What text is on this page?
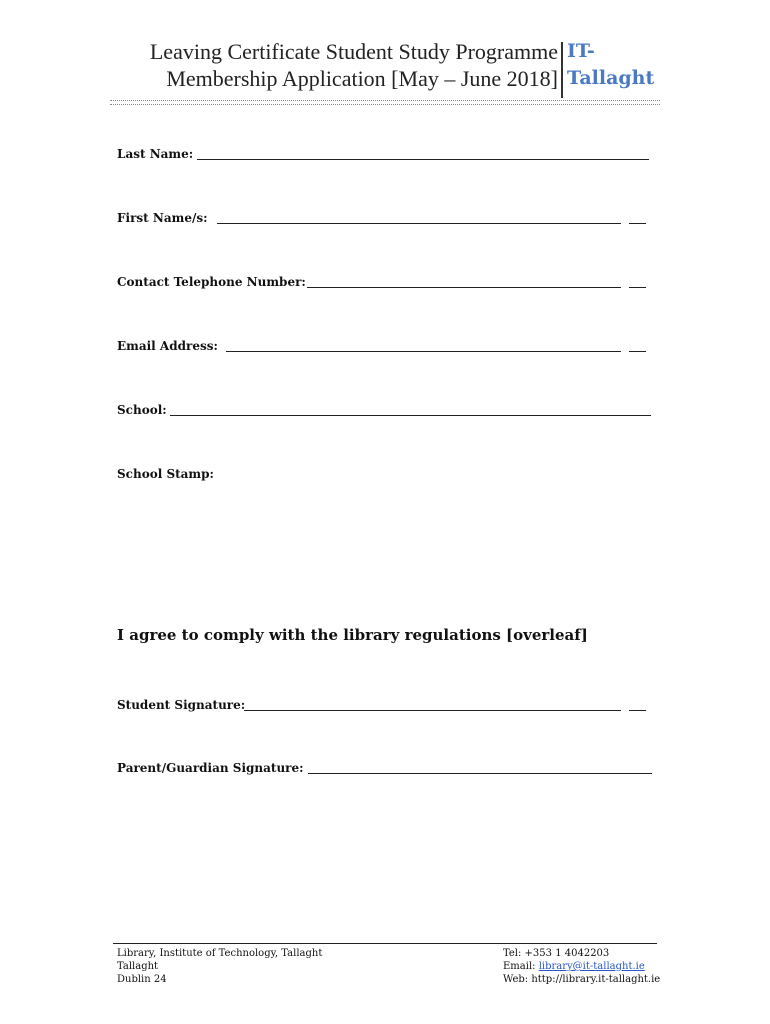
Leaving Certificate Student Study Programme
Membership Application [May – June 2018]
IT-
Tallaght
Last Name:
First Name/s:
Contact Telephone Number:
Email Address:
School:
School Stamp:
I agree to comply with the library regulations [overleaf]
Student Signature:
Parent/Guardian Signature:
Library, Institute of Technology, Tallaght
Tallaght
Dublin 24
Tel: +353 1 4042203
Email: library@it-tallaght.ie
Web: http://library.it-tallaght.ie
